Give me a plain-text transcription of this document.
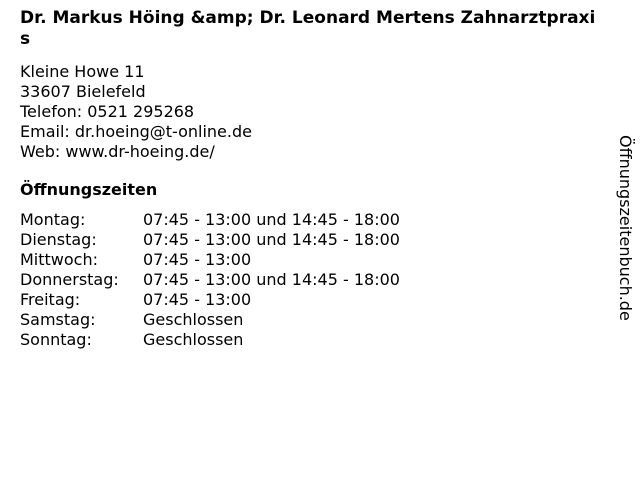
Dr. Markus Höing &amp; Dr. Leonard Mertens Zahnarztpraxis
Kleine Howe 11
33607 Bielefeld
Telefon: 0521 295268
Email: dr.hoeing@t-online.de
Web: www.dr-hoeing.de/
Öffnungszeiten
Montag:	07:45 - 13:00 und 14:45 - 18:00
Dienstag:	07:45 - 13:00 und 14:45 - 18:00
Mittwoch:	07:45 - 13:00
Donnerstag:	07:45 - 13:00 und 14:45 - 18:00
Freitag:	07:45 - 13:00
Samstag:	Geschlossen
Sonntag:	Geschlossen
Öffnungszeitenbuch.de
